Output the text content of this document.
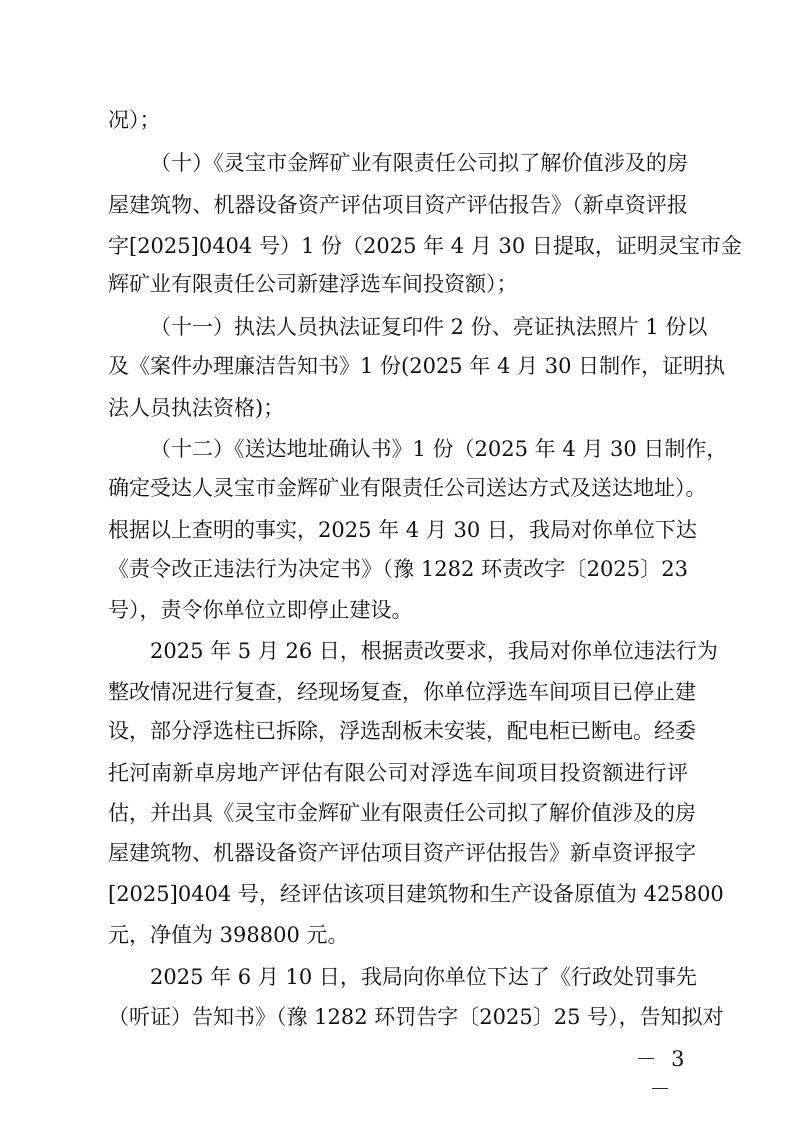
况）；
（十）《灵宝市金辉矿业有限责任公司拟了解价值涉及的房
屋建筑物、机器设备资产评估项目资产评估报告》（新卓资评报
字[2025]0404 号）1 份（2025 年 4 月 30 日提取，证明灵宝市金
辉矿业有限责任公司新建浮选车间投资额）；
（十一）执法人员执法证复印件 2 份、亮证执法照片 1 份以
及《案件办理廉洁告知书》1 份(2025 年 4 月 30 日制作，证明执
法人员执法资格)；
（十二）《送达地址确认书》1 份（2025 年 4 月 30 日制作，
确定受达人灵宝市金辉矿业有限责任公司送达方式及送达地址）。
根据以上查明的事实，2025 年 4 月 30 日，我局对你单位下达
《责令改正违法行为决定书》（豫 1282 环责改字〔2025〕23
号），责令你单位立即停止建设。
2025 年 5 月 26 日，根据责改要求，我局对你单位违法行为
整改情况进行复查，经现场复查，你单位浮选车间项目已停止建
设，部分浮选柱已拆除，浮选刮板未安装，配电柜已断电。经委
托河南新卓房地产评估有限公司对浮选车间项目投资额进行评
估，并出具《灵宝市金辉矿业有限责任公司拟了解价值涉及的房
屋建筑物、机器设备资产评估项目资产评估报告》新卓资评报字
[2025]0404 号，经评估该项目建筑物和生产设备原值为 425800
元，净值为 398800 元。
2025 年 6 月 10 日，我局向你单位下达了《行政处罚事先
（听证）告知书》（豫 1282 环罚告字〔2025〕25 号），告知拟对
－ 3 －
